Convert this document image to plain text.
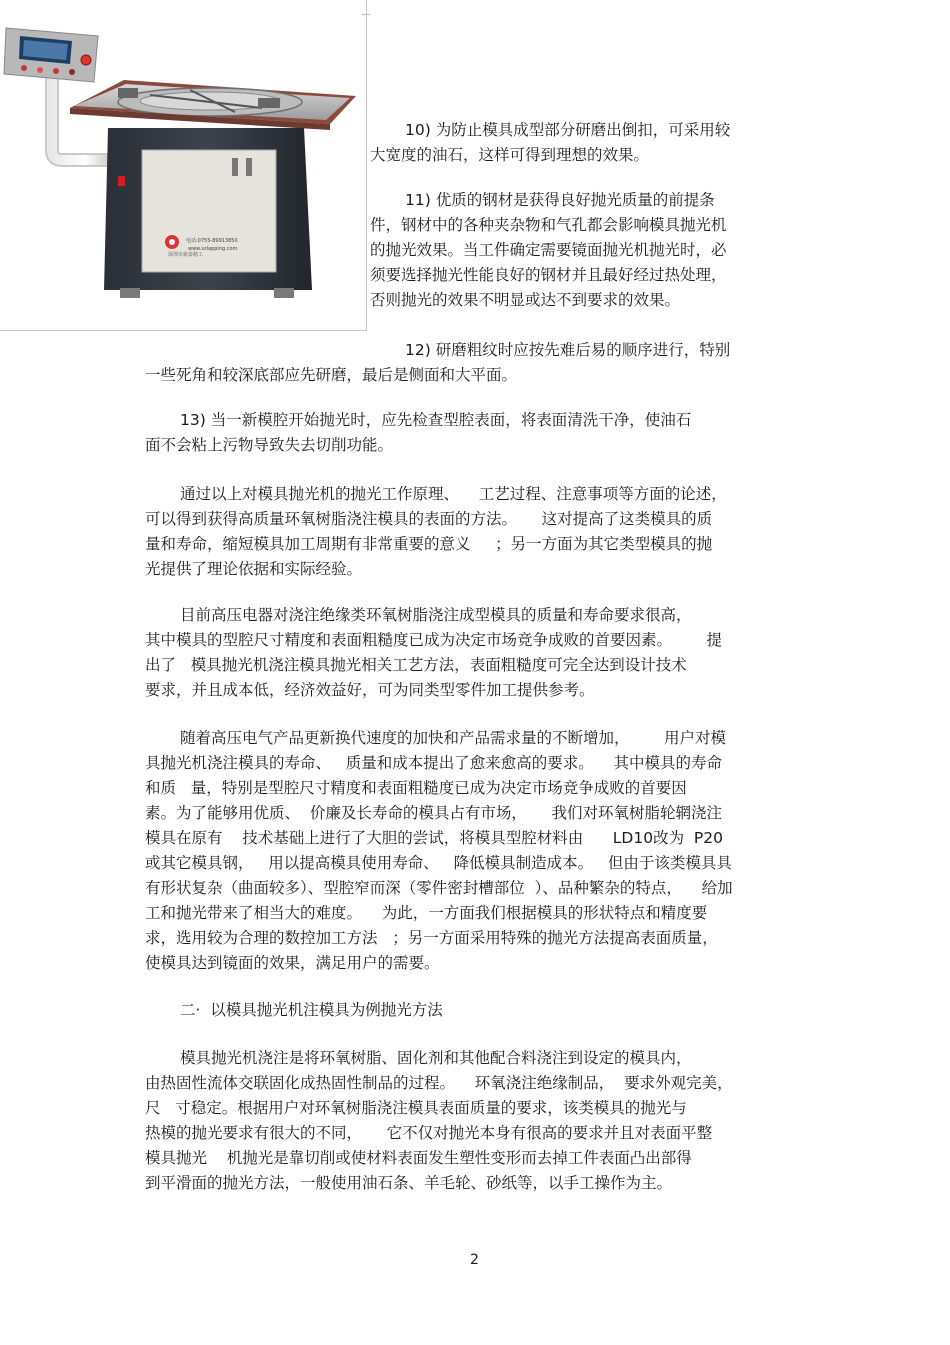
深圳市新泰精工
电话:0755-89913850
www.szlapping.com
10) 为防止模具成型部分研磨出倒扣，可采用较
大宽度的油石，这样可得到理想的效果。
11) 优质的钢材是获得良好抛光质量的前提条
件，钢材中的各种夹杂物和气孔都会影响模具抛光机
的抛光效果。当工件确定需要镜面抛光机抛光时，必
须要选择抛光性能良好的钢材并且最好经过热处理，
否则抛光的效果不明显或达不到要求的效果。
12) 研磨粗纹时应按先难后易的顺序进行，特别
一些死角和较深底部应先研磨，最后是侧面和大平面。
13) 当一新模腔开始抛光时，应先检查型腔表面，将表面清洗干净，使油石
面不会粘上污物导致失去切削功能。
通过以上对模具抛光机的抛光工作原理、    工艺过程、注意事项等方面的论述，
可以得到获得高质量环氧树脂浇注模具的表面的方法。     这对提高了这类模具的质
量和寿命，缩短模具加工周期有非常重要的意义     ；另一方面为其它类型模具的抛
光提供了理论依据和实际经验。
目前高压电器对浇注绝缘类环氧树脂浇注成型模具的质量和寿命要求很高，
其中模具的型腔尺寸精度和表面粗糙度已成为决定市场竞争成败的首要因素。       提
出了   模具抛光机浇注模具抛光相关工艺方法，表面粗糙度可完全达到设计技术
要求，并且成本低，经济效益好，可为同类型零件加工提供参考。
随着高压电气产品更新换代速度的加快和产品需求量的不断增加，       用户对模
具抛光机浇注模具的寿命、   质量和成本提出了愈来愈高的要求。    其中模具的寿命
和质   量，特别是型腔尺寸精度和表面粗糙度已成为决定市场竞争成败的首要因
素。为了能够用优质、  价廉及长寿命的模具占有市场，     我们对环氧树脂轮辋浇注
模具在原有    技术基础上进行了大胆的尝试，将模具型腔材料由      LD10改为  P20
或其它模具钢，   用以提高模具使用寿命、   降低模具制造成本。   但由于该类模具具
有形状复杂（曲面较多）、型腔窄而深（零件密封槽部位  ）、品种繁杂的特点，    给加
工和抛光带来了相当大的难度。    为此，一方面我们根据模具的形状特点和精度要
求，选用较为合理的数控加工方法   ；另一方面采用特殊的抛光方法提高表面质量，
使模具达到镜面的效果，满足用户的需要。
二·  以模具抛光机注模具为例抛光方法
模具抛光机浇注是将环氧树脂、固化剂和其他配合料浇注到设定的模具内，
由热固性流体交联固化成热固性制品的过程。    环氧浇注绝缘制品，  要求外观完美，
尺   寸稳定。根据用户对环氧树脂浇注模具表面质量的要求，该类模具的抛光与
热模的抛光要求有很大的不同，     它不仅对抛光本身有很高的要求并且对表面平整
模具抛光    机抛光是靠切削或使材料表面发生塑性变形而去掉工件表面凸出部得
到平滑面的抛光方法，一般使用油石条、羊毛轮、砂纸等，以手工操作为主。
2
